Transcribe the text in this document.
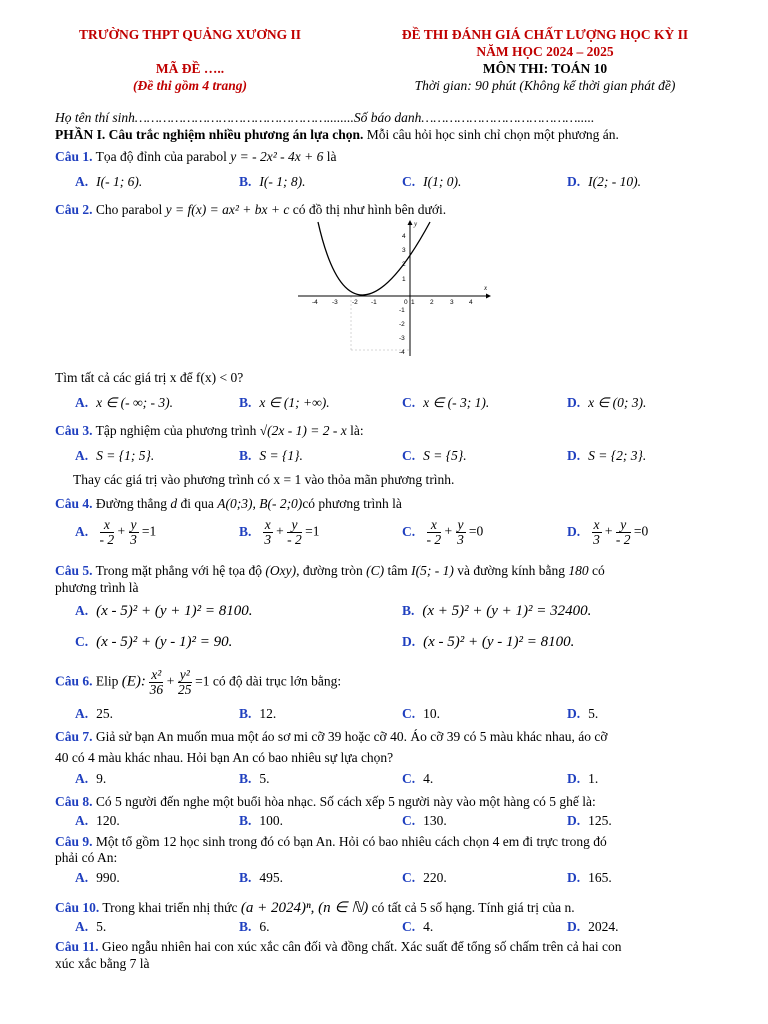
TRƯỜNG THPT QUẢNG XƯƠNG II
MÃ ĐỀ …..
(Đề thi gồm 4 trang)
ĐỀ THI ĐÁNH GIÁ CHẤT LƯỢNG HỌC KỲ II
NĂM HỌC 2024 – 2025
MÔN THI: TOÁN 10
Thời gian: 90 phút (Không kể thời gian phát đề)
Họ tên thí sinh…………………………………………........Số báo danh………………………………….....
PHẦN I. Câu trắc nghiệm nhiều phương án lựa chọn. Mỗi câu hỏi học sinh chỉ chọn một phương án.
Câu 1. Tọa độ đỉnh của parabol y = - 2x² - 4x + 6 là
A. I(- 1; 6).	B. I(- 1; 8).	C. I(1; 0).	D. I(2; - 10).
Câu 2. Cho parabol y = f(x) = ax² + bx + c có đồ thị như hình bên dưới.
x
y
-4 -3 -2 -1	0 1 2	3 4
4
3
2
1
-1
-2
-3
-4
Tìm tất cả các giá trị x để f(x) < 0?
A. x ∈ (- ∞; - 3).	B. x ∈ (1; +∞).	C. x ∈ (- 3; 1).	D. x ∈ (0; 3).
Câu 3. Tập nghiệm của phương trình √(2x - 1) = 2 - x là:
A. S = {1; 5}.	B. S = {1}.	C. S = {5}.	D. S = {2; 3}.
Thay các giá trị vào phương trình có x = 1 vào thỏa mãn phương trình.
Câu 4. Đường thẳng d đi qua A(0;3), B(- 2;0)có phương trình là
A. $\frac{x}{- 2} + \frac{y}{3} =1$	B. $\frac{x}{3} + \frac{y}{- 2} =1$	C. $\frac{x}{- 2} + \frac{y}{3} =0$	D. $\frac{x}{3} + \frac{y}{- 2} =0$
Câu 5. Trong mặt phẳng với hệ tọa độ (Oxy), đường tròn (C) tâm I(5; - 1) và đường kính bằng 180 có
phương trình là
A. (x - 5)² + (y + 1)² = 8100.	B. (x + 5)² + (y + 1)² = 32400.
C. (x - 5)² + (y - 1)² = 90.	D. (x - 5)² + (y - 1)² = 8100.
Câu 6. Elip (E): $\frac{\text{x²}}{36} + \frac{\text{y²}}{25} =1$ có độ dài trục lớn bằng:
A. 25.	B. 12.	C. 10.	D. 5.
Câu 7. Giả sử bạn An muốn mua một áo sơ mi cỡ 39 hoặc cỡ 40. Áo cỡ 39 có 5 màu khác nhau, áo cỡ
40 có 4 màu khác nhau. Hỏi bạn An có bao nhiêu sự lựa chọn?
A. 9.	B. 5.	C. 4.	D. 1.
Câu 8. Có 5 người đến nghe một buổi hòa nhạc. Số cách xếp 5 người này vào một hàng có 5 ghế là:
A. 120.	B. 100.	C. 130.	D. 125.
Câu 9. Một tổ gồm 12 học sinh trong đó có bạn An. Hỏi có bao nhiêu cách chọn 4 em đi trực trong đó
phải có An:
A. 990.	B. 495.	C. 220.	D. 165.
Câu 10. Trong khai triển nhị thức (a + 2024)ⁿ, (n ∈ ℕ) có tất cả 5 số hạng. Tính giá trị của n.
A. 5.	B. 6.	C. 4.	D. 2024.
Câu 11. Gieo ngẫu nhiên hai con xúc xắc cân đối và đồng chất. Xác suất để tổng số chấm trên cả hai con
xúc xắc bằng 7 là
